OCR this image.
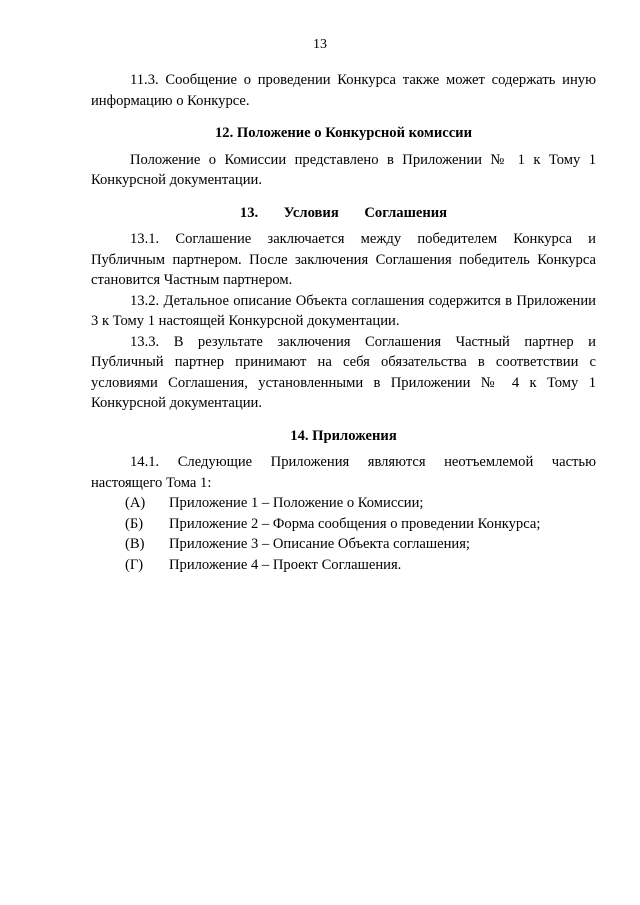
13

11.3. Сообщение о проведении Конкурса также может содержать иную информацию о Конкурсе.

12. Положение о Конкурсной комиссии

Положение о Комиссии представлено в Приложении № 1 к Тому 1 Конкурсной документации.

13. Условия Соглашения

13.1. Соглашение заключается между победителем Конкурса и Публичным партнером. После заключения Соглашения победитель Конкурса становится Частным партнером.

13.2. Детальное описание Объекта соглашения содержится в Приложении 3 к Тому 1 настоящей Конкурсной документации.

13.3. В результате заключения Соглашения Частный партнер и Публичный партнер принимают на себя обязательства в соответствии с условиями Соглашения, установленными в Приложении № 4 к Тому 1 Конкурсной документации.

14. Приложения

14.1. Следующие Приложения являются неотъемлемой частью настоящего Тома 1:

(А)	Приложение 1 – Положение о Комиссии;
(Б)	Приложение 2 – Форма сообщения о проведении Конкурса;
(В)	Приложение 3 – Описание Объекта соглашения;
(Г)	Приложение 4 – Проект Соглашения.
